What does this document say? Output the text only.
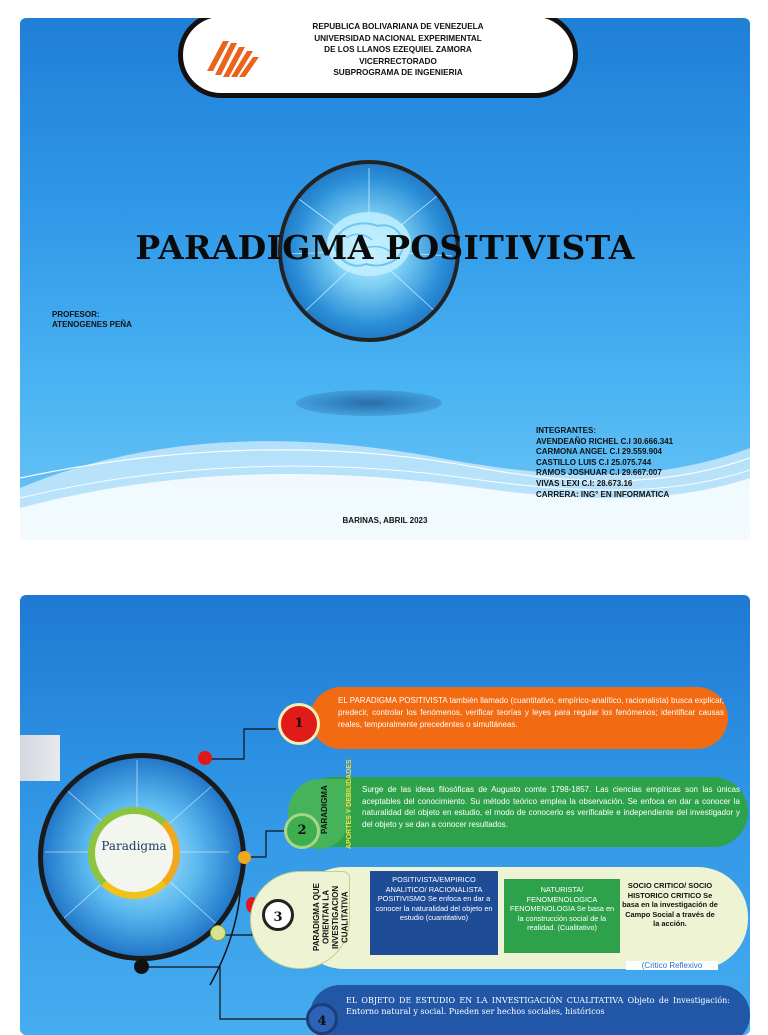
REPUBLICA BOLIVARIANA DE VENEZUELA
UNIVERSIDAD NACIONAL EXPERIMENTAL
DE LOS LLANOS EZEQUIEL ZAMORA
VICERRECTORADO
SUBPROGRAMA DE INGENIERIA
PARADIGMA POSITIVISTA
PROFESOR:
ATENOGENES PEÑA
INTEGRANTES:
AVENDEAÑO RICHEL C.I 30.666.341
CARMONA ANGEL C.I 29.559.904
CASTILLO LUIS C.I 25.075.744
RAMOS JOSHUAR C.I 29.667.007
VIVAS LEXI C.I: 28.673.16
CARRERA: ING° EN INFORMATICA
BARINAS, ABRIL 2023
Paradigma
EL PARADIGMA POSITIVISTA también llamado (cuantitativo, empírico-analítico, racionalista) busca explicar, predecir, controlar los fenómenos, verificar teorías y leyes para regular los fenómenos; identificar causas reales, temporalmente precedentes o simultáneas.
1
PARADIGMA APORTES Y DEBILIDADES Surge de las ideas filosóficas de Augusto comte 1798-1857. Las ciencias empíricas son las únicas aceptables del conocimiento. Su método teórico emplea la observación. Se enfoca en dar a conocer la naturalidad del objeto en estudio, el modo de conocerlo es verificable e independiente del investigador y del objeto y se dan a conocer resultados.
2
PARADIGMA QUE ORIENTAN LA INVESTIGACION CUALITATIVA
3
POSITIVISTA/EMPIRICO ANALITICO/ RACIONALISTA POSITIVISMO Se enfoca en dar a conocer la naturalidad del objeto en estudio (cuantitativo)
NATURISTA/ FENOMENOLOGICA FENOMENOLOGIA Se basa en la construcción social de la realidad. (Cualitativo)
SOCIO CRITICO/ SOCIO HISTORICO CRITICO Se basa en la investigación de Campo Social a través de la acción.
(Critico Reflexivo
EL OBJETO DE ESTUDIO EN LA INVESTIGACIÓN CUALITATIVA Objeto de Investigación: Entorno natural y social. Pueden ser hechos sociales, históricos
4
